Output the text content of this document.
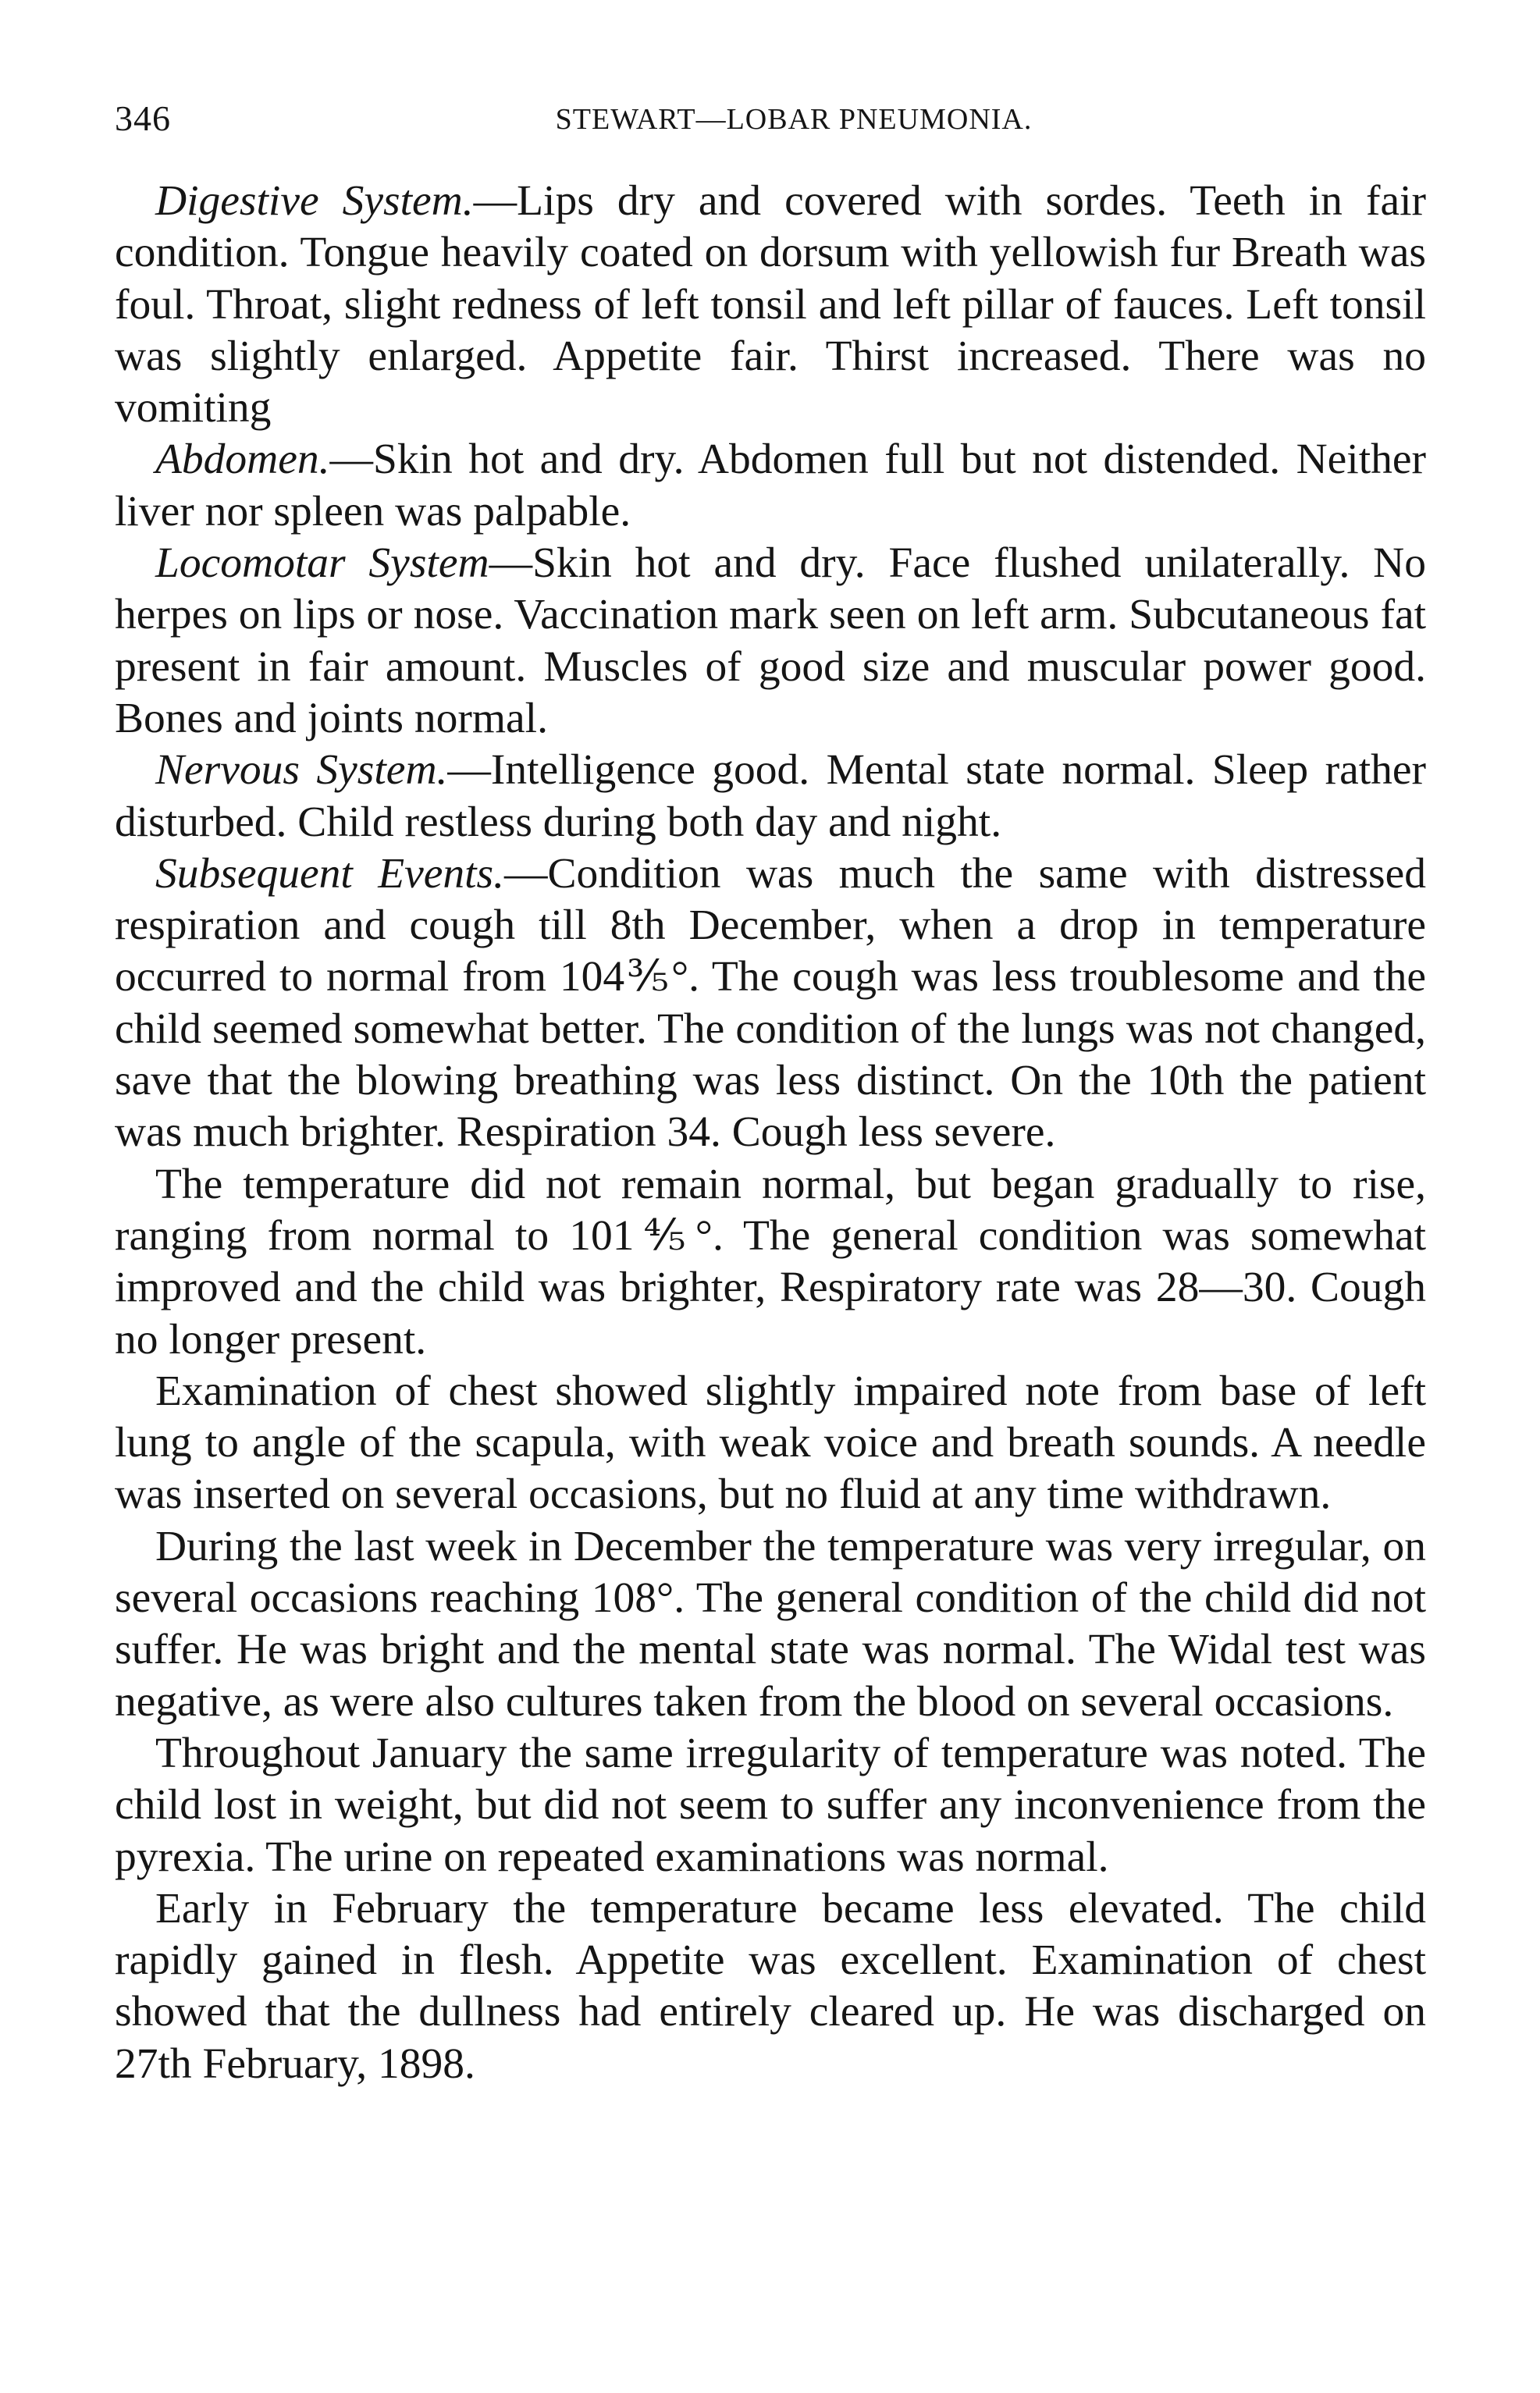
346	STEWART—LOBAR PNEUMONIA.

Digestive System.—Lips dry and covered with sordes. Teeth in fair condition. Tongue heavily coated on dorsum with yellowish fur Breath was foul. Throat, slight redness of left tonsil and left pillar of fauces. Left tonsil was slightly enlarged. Appetite fair. Thirst increased. There was no vomiting

Abdomen.—Skin hot and dry. Abdomen full but not distended. Neither liver nor spleen was palpable.

Locomotar System—Skin hot and dry. Face flushed unilaterally. No herpes on lips or nose. Vaccination mark seen on left arm. Subcutaneous fat present in fair amount. Muscles of good size and muscular power good. Bones and joints normal.

Nervous System.—Intelligence good. Mental state normal. Sleep rather disturbed. Child restless during both day and night.

Subsequent Events.—Condition was much the same with distressed respiration and cough till 8th December, when a drop in temperature occurred to normal from 104⅗°. The cough was less troublesome and the child seemed somewhat better. The condition of the lungs was not changed, save that the blowing breathing was less distinct. On the 10th the patient was much brighter. Respiration 34. Cough less severe.

The temperature did not remain normal, but began gradually to rise, ranging from normal to 101⅘°. The general condition was somewhat improved and the child was brighter, Respiratory rate was 28—30. Cough no longer present.

Examination of chest showed slightly impaired note from base of left lung to angle of the scapula, with weak voice and breath sounds. A needle was inserted on several occasions, but no fluid at any time withdrawn.

During the last week in December the temperature was very irregular, on several occasions reaching 108°. The general condition of the child did not suffer. He was bright and the mental state was normal. The Widal test was negative, as were also cultures taken from the blood on several occasions.

Throughout January the same irregularity of temperature was noted. The child lost in weight, but did not seem to suffer any inconvenience from the pyrexia. The urine on repeated examinations was normal.

Early in February the temperature became less elevated. The child rapidly gained in flesh. Appetite was excellent. Examination of chest showed that the dullness had entirely cleared up. He was discharged on 27th February, 1898.
